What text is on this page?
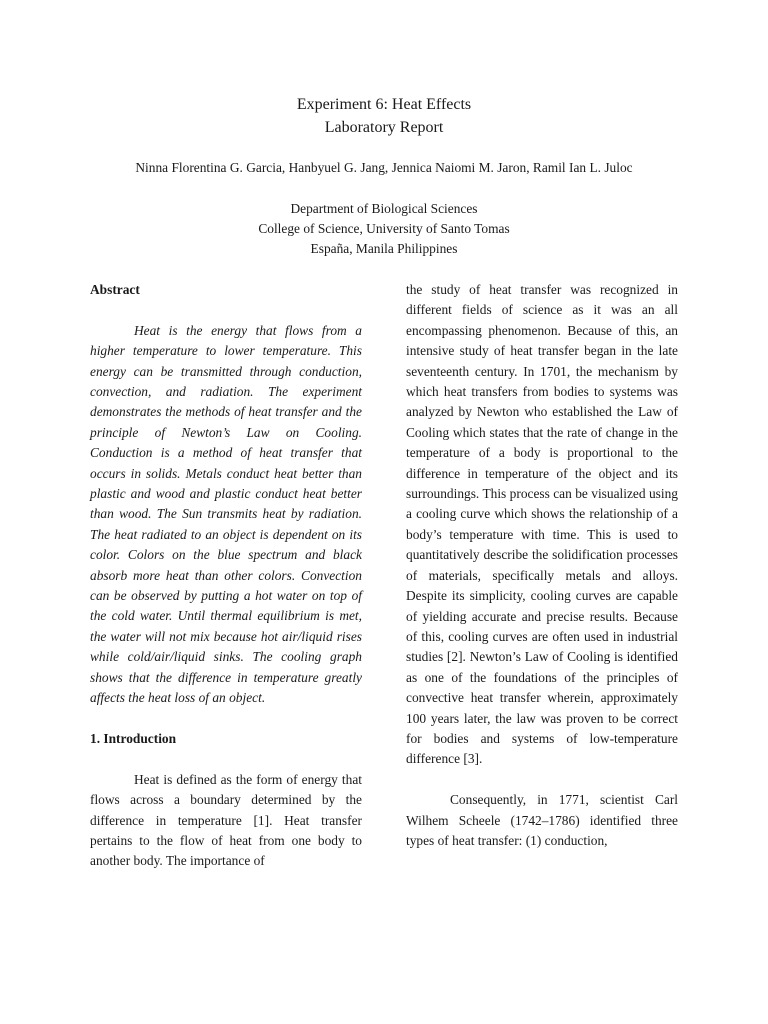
Experiment 6: Heat Effects
Laboratory Report

Ninna Florentina G. Garcia, Hanbyuel G. Jang, Jennica Naiomi M. Jaron, Ramil Ian L. Juloc

Department of Biological Sciences
College of Science, University of Santo Tomas
España, Manila Philippines

Abstract

Heat is the energy that flows from a higher temperature to lower temperature. This energy can be transmitted through conduction, convection, and radiation. The experiment demonstrates the methods of heat transfer and the principle of Newton’s Law on Cooling. Conduction is a method of heat transfer that occurs in solids. Metals conduct heat better than plastic and wood and plastic conduct heat better than wood. The Sun transmits heat by radiation. The heat radiated to an object is dependent on its color. Colors on the blue spectrum and black absorb more heat than other colors. Convection can be observed by putting a hot water on top of the cold water. Until thermal equilibrium is met, the water will not mix because hot air/liquid rises while cold/air/liquid sinks. The cooling graph shows that the difference in temperature greatly affects the heat loss of an object.

1. Introduction

Heat is defined as the form of energy that flows across a boundary determined by the difference in temperature [1]. Heat transfer pertains to the flow of heat from one body to another body. The importance of

the study of heat transfer was recognized in different fields of science as it was an all encompassing phenomenon. Because of this, an intensive study of heat transfer began in the late seventeenth century. In 1701, the mechanism by which heat transfers from bodies to systems was analyzed by Newton who established the Law of Cooling which states that the rate of change in the temperature of a body is proportional to the difference in temperature of the object and its surroundings. This process can be visualized using a cooling curve which shows the relationship of a body’s temperature with time. This is used to quantitatively describe the solidification processes of materials, specifically metals and alloys. Despite its simplicity, cooling curves are capable of yielding accurate and precise results. Because of this, cooling curves are often used in industrial studies [2]. Newton’s Law of Cooling is identified as one of the foundations of the principles of convective heat transfer wherein, approximately 100 years later, the law was proven to be correct for bodies and systems of low-temperature difference [3].

Consequently, in 1771, scientist Carl Wilhem Scheele (1742–1786) identified three types of heat transfer: (1) conduction,
